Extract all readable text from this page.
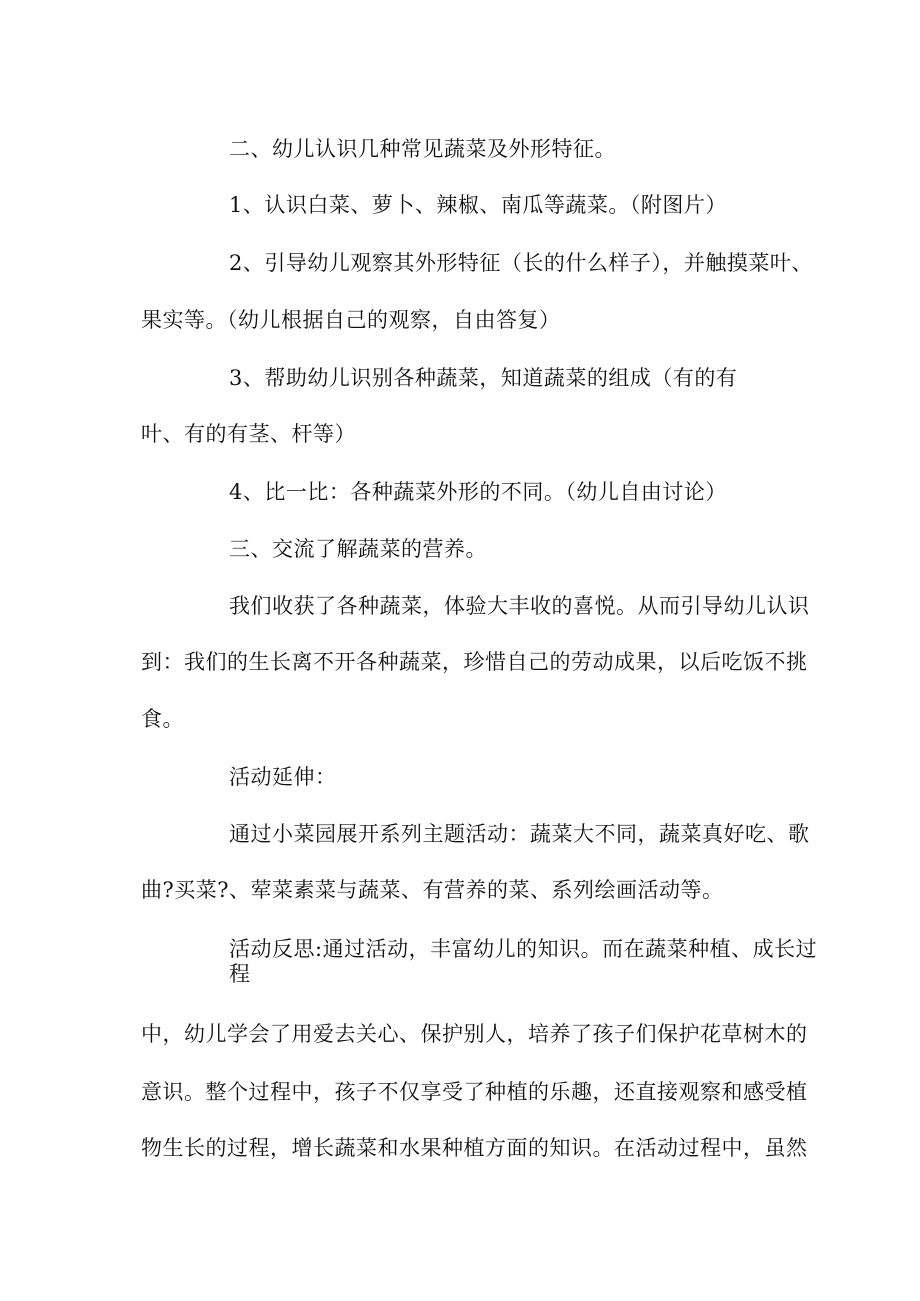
二、幼儿认识几种常见蔬菜及外形特征。
1、认识白菜、萝卜、辣椒、南瓜等蔬菜。（附图片）
2、引导幼儿观察其外形特征（长的什么样子），并触摸菜叶、
果实等。（幼儿根据自己的观察，自由答复）
3、帮助幼儿识别各种蔬菜，知道蔬菜的组成（有的有
叶、有的有茎、杆等）
4、比一比：各种蔬菜外形的不同。（幼儿自由讨论）
三、交流了解蔬菜的营养。
我们收获了各种蔬菜，体验大丰收的喜悦。从而引导幼儿认识
到：我们的生长离不开各种蔬菜，珍惜自己的劳动成果，以后吃饭不挑
食。
活动延伸：
通过小菜园展开系列主题活动：蔬菜大不同，蔬菜真好吃、歌
曲?买菜?、荤菜素菜与蔬菜、有营养的菜、系列绘画活动等。
活动反思:通过活动，丰富幼儿的知识。而在蔬菜种植、成长过
程
中，幼儿学会了用爱去关心、保护别人，培养了孩子们保护花草树木的
意识。整个过程中，孩子不仅享受了种植的乐趣，还直接观察和感受植
物生长的过程，增长蔬菜和水果种植方面的知识。在活动过程中，虽然
